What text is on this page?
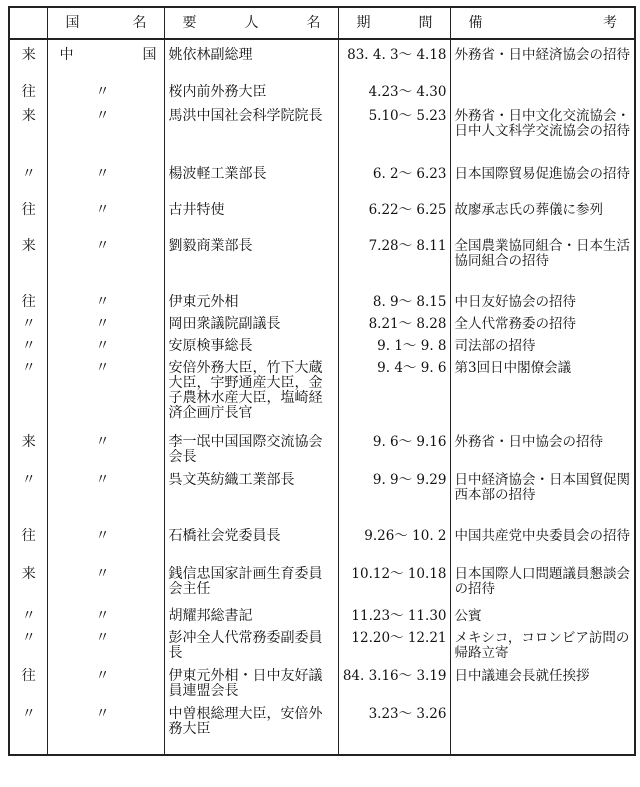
	国 名	要 人 名	期 間	備 考

来	中 国	姚依林副総理	83. 4. 3〜 4.18	外務省・日中経済協会の招待
往	〃	桜内前外務大臣	4.23〜 4.30	
来	〃	馬洪中国社会科学院院長	5.10〜 5.23	外務省・日中文化交流協会・日中人文科学交流協会の招待
〃	〃	楊波軽工業部長	6. 2〜 6.23	日本国際貿易促進協会の招待
往	〃	古井特使	6.22〜 6.25	故廖承志氏の葬儀に参列
来	〃	劉毅商業部長	7.28〜 8.11	全国農業協同組合・日本生活協同組合の招待
往	〃	伊東元外相	8. 9〜 8.15	中日友好協会の招待
〃	〃	岡田衆議院副議長	8.21〜 8.28	全人代常務委の招待
〃	〃	安原検事総長	9. 1〜 9. 8	司法部の招待
〃	〃	安倍外務大臣，竹下大蔵大臣，宇野通産大臣，金子農林水産大臣，塩崎経済企画庁長官	9. 4〜 9. 6	第3回日中閣僚会議
来	〃	李一氓中国国際交流協会会長	9. 6〜 9.16	外務省・日中協会の招待
〃	〃	呉文英紡織工業部長	9. 9〜 9.29	日中経済協会・日本国貿促関西本部の招待
往	〃	石橋社会党委員長	9.26〜 10. 2	中国共産党中央委員会の招待
来	〃	銭信忠国家計画生育委員会主任	10.12〜 10.18	日本国際人口問題議員懇談会の招待
〃	〃	胡耀邦総書記	11.23〜 11.30	公賓
〃	〃	彭冲全人代常務委副委員長	12.20〜 12.21	メキシコ，コロンビア訪問の帰路立寄
往	〃	伊東元外相・日中友好議員連盟会長	84. 3.16〜 3.19	日中議連会長就任挨拶
〃	〃	中曽根総理大臣，安倍外務大臣	3.23〜 3.26	
